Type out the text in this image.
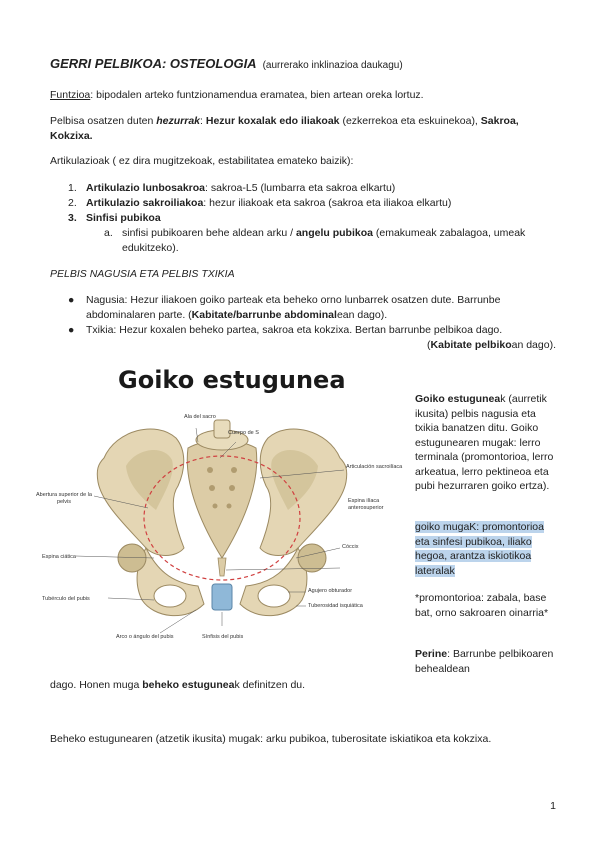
GERRI PELBIKOA: OSTEOLOGIA (aurrerako inklinazioa daukagu)
Funtzioa: bipodalen arteko funtzionamendua eramatea, bien artean oreka lortuz.
Pelbisa osatzen duten hezurrak: Hezur koxalak edo iliakoak (ezkerrekoa eta eskuinekoa), Sakroa, Kokzixa.
Artikulazioak ( ez dira mugitzekoak, estabilitatea emateko baizik):
1. Artikulazio lunbosakroa: sakroa-L5 (lumbarra eta sakroa elkartu)
2. Artikulazio sakroiliakoa: hezur iliakoak eta sakroa (sakroa eta iliakoa elkartu)
3. Sinfisi pubikoa
a. sinfisi pubikoaren behe aldean arku / angelu pubikoa (emakumeak zabalagoa, umeak edukitzeko).
PELBIS NAGUSIA ETA PELBIS TXIKIA
● Nagusia: Hezur iliakoen goiko parteak eta beheko orno lunbarrek osatzen dute. Barrunbe abdominalaren parte. (Kabitate/barrunbe abdominalean dago).
● Txikia: Hezur koxalen beheko partea, sakroa eta kokzixa. Bertan barrunbe pelbikoa dago.
(Kabitate pelbikoan dago).
Goiko estugunea
Ala del sacro
Cuerpo de S
Articulación sacroilíaca
Espina ilíaca anterosuperior
Abertura superior de la pelvis
Espina ciática
Cóccix
Tubérculo del pubis
Agujero obturador
Tuberosidad isquiática
Arco o ángulo del pubis	Sínfisis del pubis
Goiko estuguneak (aurretik ikusita) pelbis nagusia eta txikia banatzen ditu. Goiko estugunearen mugak: lerro terminala (promontorioa, lerro arkeatua, lerro pektineoa eta pubi hezurraren goiko ertza).
goiko mugaK: promontorioa eta sinfesi pubikoa, iliako hegoa, arantza iskiotikoa lateralak
*promontorioa: zabala, base bat, orno sakroaren oinarria*
Perine: Barrunbe pelbikoaren behealdean
dago. Honen muga beheko estuguneak definitzen du.
Beheko estugunearen (atzetik ikusita) mugak: arku pubikoa, tuberositate iskiatikoa eta kokzixa.
1
